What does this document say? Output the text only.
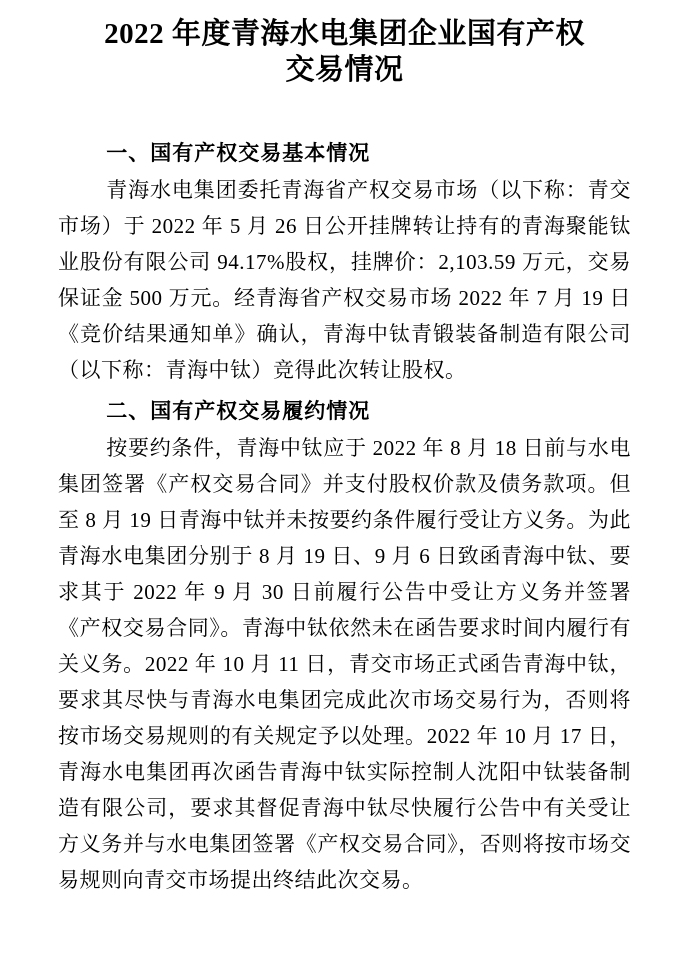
2022 年度青海水电集团企业国有产权
交易情况
一、国有产权交易基本情况

青海水电集团委托青海省产权交易市场（以下称：青交市场）于 2022 年 5 月 26 日公开挂牌转让持有的青海聚能钛业股份有限公司 94.17%股权，挂牌价：2,103.59 万元，交易保证金 500 万元。经青海省产权交易市场 2022 年 7 月 19 日《竞价结果通知单》确认，青海中钛青锻装备制造有限公司（以下称：青海中钛）竞得此次转让股权。

二、国有产权交易履约情况

按要约条件，青海中钛应于 2022 年 8 月 18 日前与水电集团签署《产权交易合同》并支付股权价款及债务款项。但至 8 月 19 日青海中钛并未按要约条件履行受让方义务。为此青海水电集团分别于 8 月 19 日、9 月 6 日致函青海中钛、要求其于 2022 年 9 月 30 日前履行公告中受让方义务并签署《产权交易合同》。青海中钛依然未在函告要求时间内履行有关义务。2022 年 10 月 11 日，青交市场正式函告青海中钛，要求其尽快与青海水电集团完成此次市场交易行为，否则将按市场交易规则的有关规定予以处理。2022 年 10 月 17 日，青海水电集团再次函告青海中钛实际控制人沈阳中钛装备制造有限公司，要求其督促青海中钛尽快履行公告中有关受让方义务并与水电集团签署《产权交易合同》，否则将按市场交易规则向青交市场提出终结此次交易。
